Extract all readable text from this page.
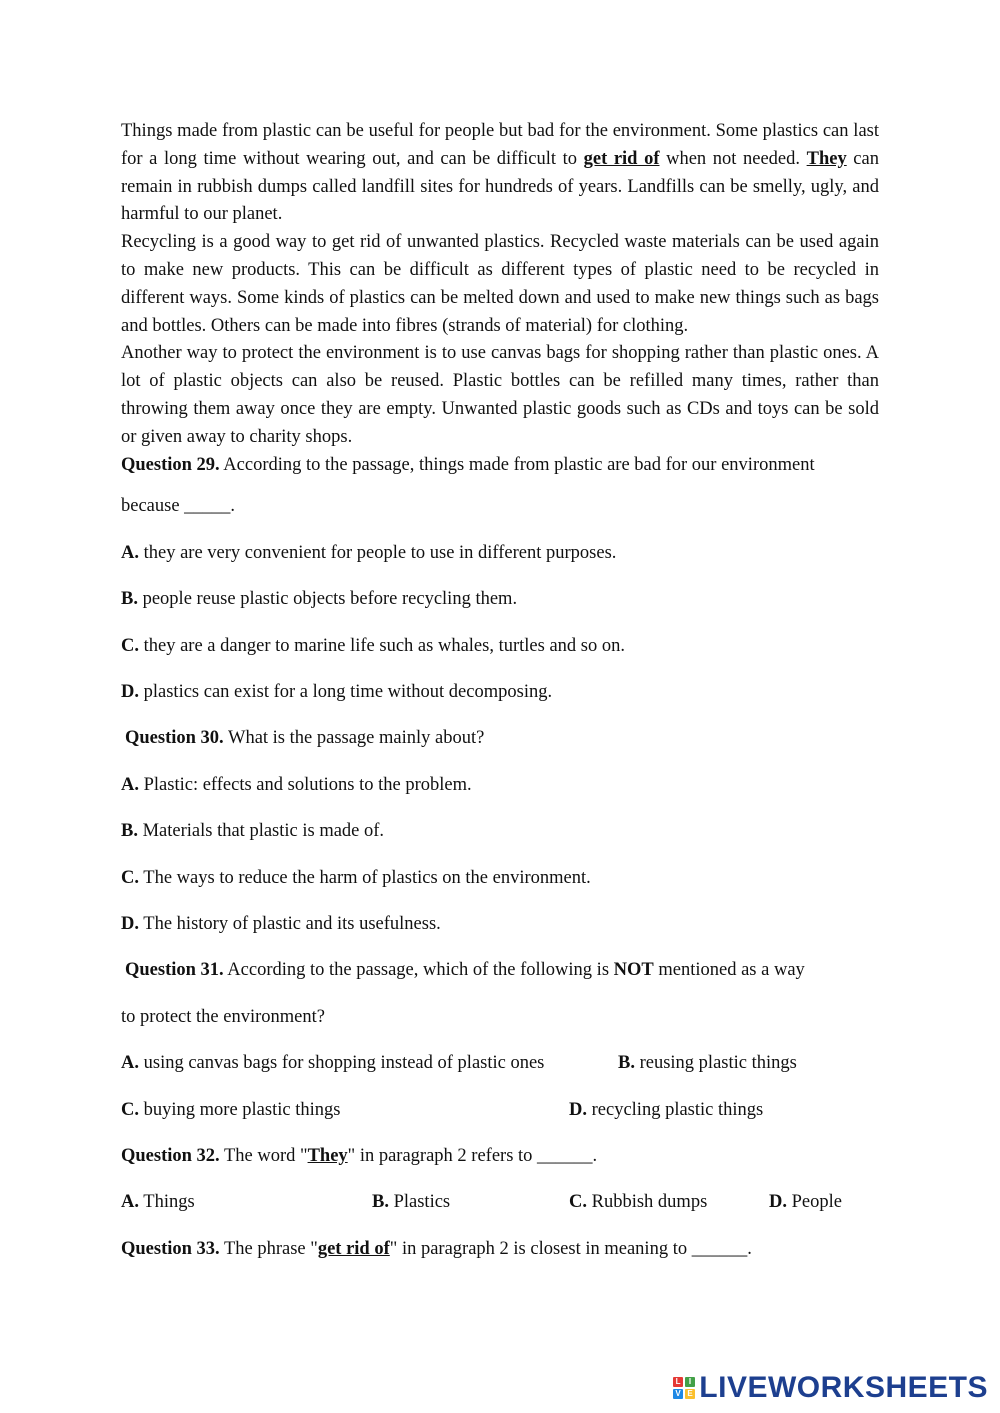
Things made from plastic can be useful for people but bad for the environment. Some plastics can last for a long time without wearing out, and can be difficult to get rid of when not needed. They can remain in rubbish dumps called landfill sites for hundreds of years. Landfills can be smelly, ugly, and harmful to our planet.

Recycling is a good way to get rid of unwanted plastics. Recycled waste materials can be used again to make new products. This can be difficult as different types of plastic need to be recycled in different ways. Some kinds of plastics can be melted down and used to make new things such as bags and bottles. Others can be made into fibres (strands of material) for clothing.

Another way to protect the environment is to use canvas bags for shopping rather than plastic ones. A lot of plastic objects can also be reused. Plastic bottles can be refilled many times, rather than throwing them away once they are empty. Unwanted plastic goods such as CDs and toys can be sold or given away to charity shops.

Question 29. According to the passage, things made from plastic are bad for our environment

because _____.

A. they are very convenient for people to use in different purposes.

B. people reuse plastic objects before recycling them.

C. they are a danger to marine life such as whales, turtles and so on.

D. plastics can exist for a long time without decomposing.

Question 30. What is the passage mainly about?

A. Plastic: effects and solutions to the problem.

B. Materials that plastic is made of.

C. The ways to reduce the harm of plastics on the environment.

D. The history of plastic and its usefulness.

Question 31. According to the passage, which of the following is NOT mentioned as a way

to protect the environment?

A. using canvas bags for shopping instead of plastic ones	B. reusing plastic things
C. buying more plastic things	D. recycling plastic things

Question 32. The word "They" in paragraph 2 refers to ______.

A. Things	B. Plastics	C. Rubbish dumps	D. People

Question 33. The phrase "get rid of" in paragraph 2 is closest in meaning to ______.

L I
V E LIVEWORKSHEETS
